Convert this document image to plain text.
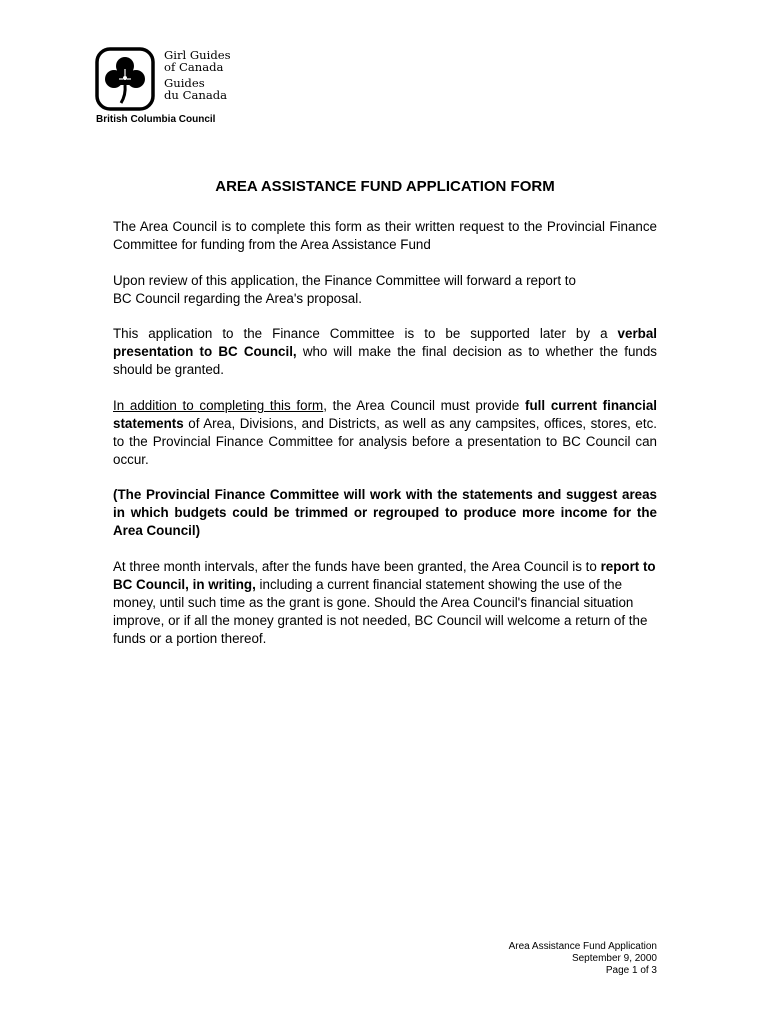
Girl Guides
of Canada
Guides
du Canada
British Columbia Council
AREA ASSISTANCE FUND APPLICATION FORM

The Area Council is to complete this form as their written request to the Provincial Finance Committee for funding from the Area Assistance Fund

Upon review of this application, the Finance Committee will forward a report to
BC Council regarding the Area's proposal.

This application to the Finance Committee is to be supported later by a verbal presentation to BC Council, who will make the final decision as to whether the funds should be granted.

In addition to completing this form, the Area Council must provide full current financial statements of Area, Divisions, and Districts, as well as any campsites, offices, stores, etc. to the Provincial Finance Committee for analysis before a presentation to BC Council can occur.

(The Provincial Finance Committee will work with the statements and suggest areas in which budgets could be trimmed or regrouped to produce more income for the Area Council)

At three month intervals, after the funds have been granted, the Area Council is to report to BC Council, in writing, including a current financial statement showing the use of the money, until such time as the grant is gone. Should the Area Council's financial situation improve, or if all the money granted is not needed, BC Council will welcome a return of the funds or a portion thereof.

Area Assistance Fund Application
September 9, 2000
Page 1 of 3
